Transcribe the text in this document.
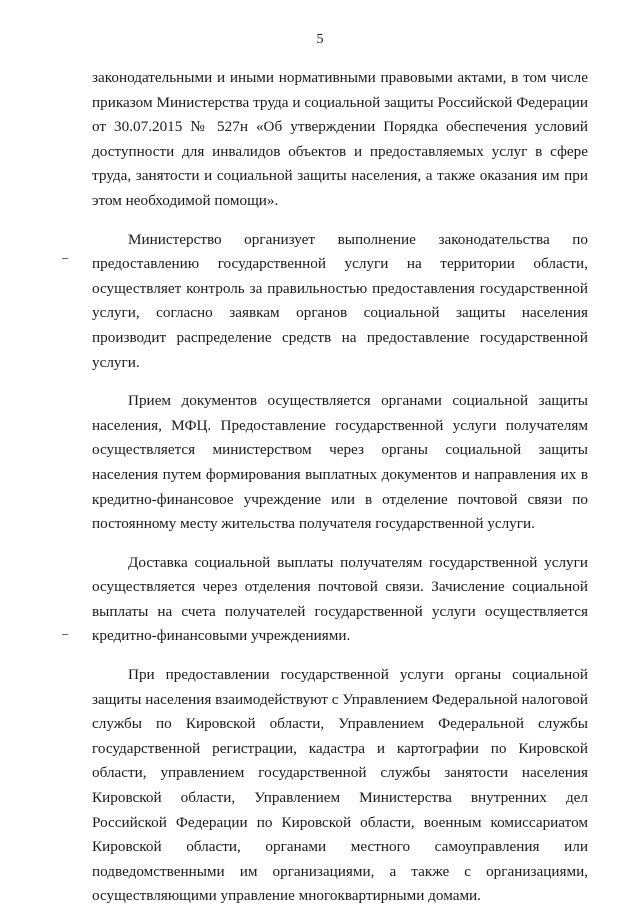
5

законодательными и иными нормативными правовыми актами, в том числе приказом Министерства труда и социальной защиты Российской Федерации от 30.07.2015 № 527н «Об утверждении Порядка обеспечения условий доступности для инвалидов объектов и предоставляемых услуг в сфере труда, занятости и социальной защиты населения, а также оказания им при этом необходимой помощи».

Министерство организует выполнение законодательства по предоставлению государственной услуги на территории области, осуществляет контроль за правильностью предоставления государственной услуги, согласно заявкам органов социальной защиты населения производит распределение средств на предоставление государственной услуги.

Прием документов осуществляется органами социальной защиты населения, МФЦ. Предоставление государственной услуги получателям осуществляется министерством через органы социальной защиты населения путем формирования выплатных документов и направления их в кредитно-финансовое учреждение или в отделение почтовой связи по постоянному месту жительства получателя государственной услуги.

Доставка социальной выплаты получателям государственной услуги осуществляется через отделения почтовой связи. Зачисление социальной выплаты на счета получателей государственной услуги осуществляется кредитно-финансовыми учреждениями.

При предоставлении государственной услуги органы социальной защиты населения взаимодействуют с Управлением Федеральной налоговой службы по Кировской области, Управлением Федеральной службы государственной регистрации, кадастра и картографии по Кировской области, управлением государственной службы занятости населения Кировской области, Управлением Министерства внутренних дел Российской Федерации по Кировской области, военным комиссариатом Кировской области, органами местного самоуправления или подведомственными им организациями, а также с организациями, осуществляющими управление многоквартирными домами.
